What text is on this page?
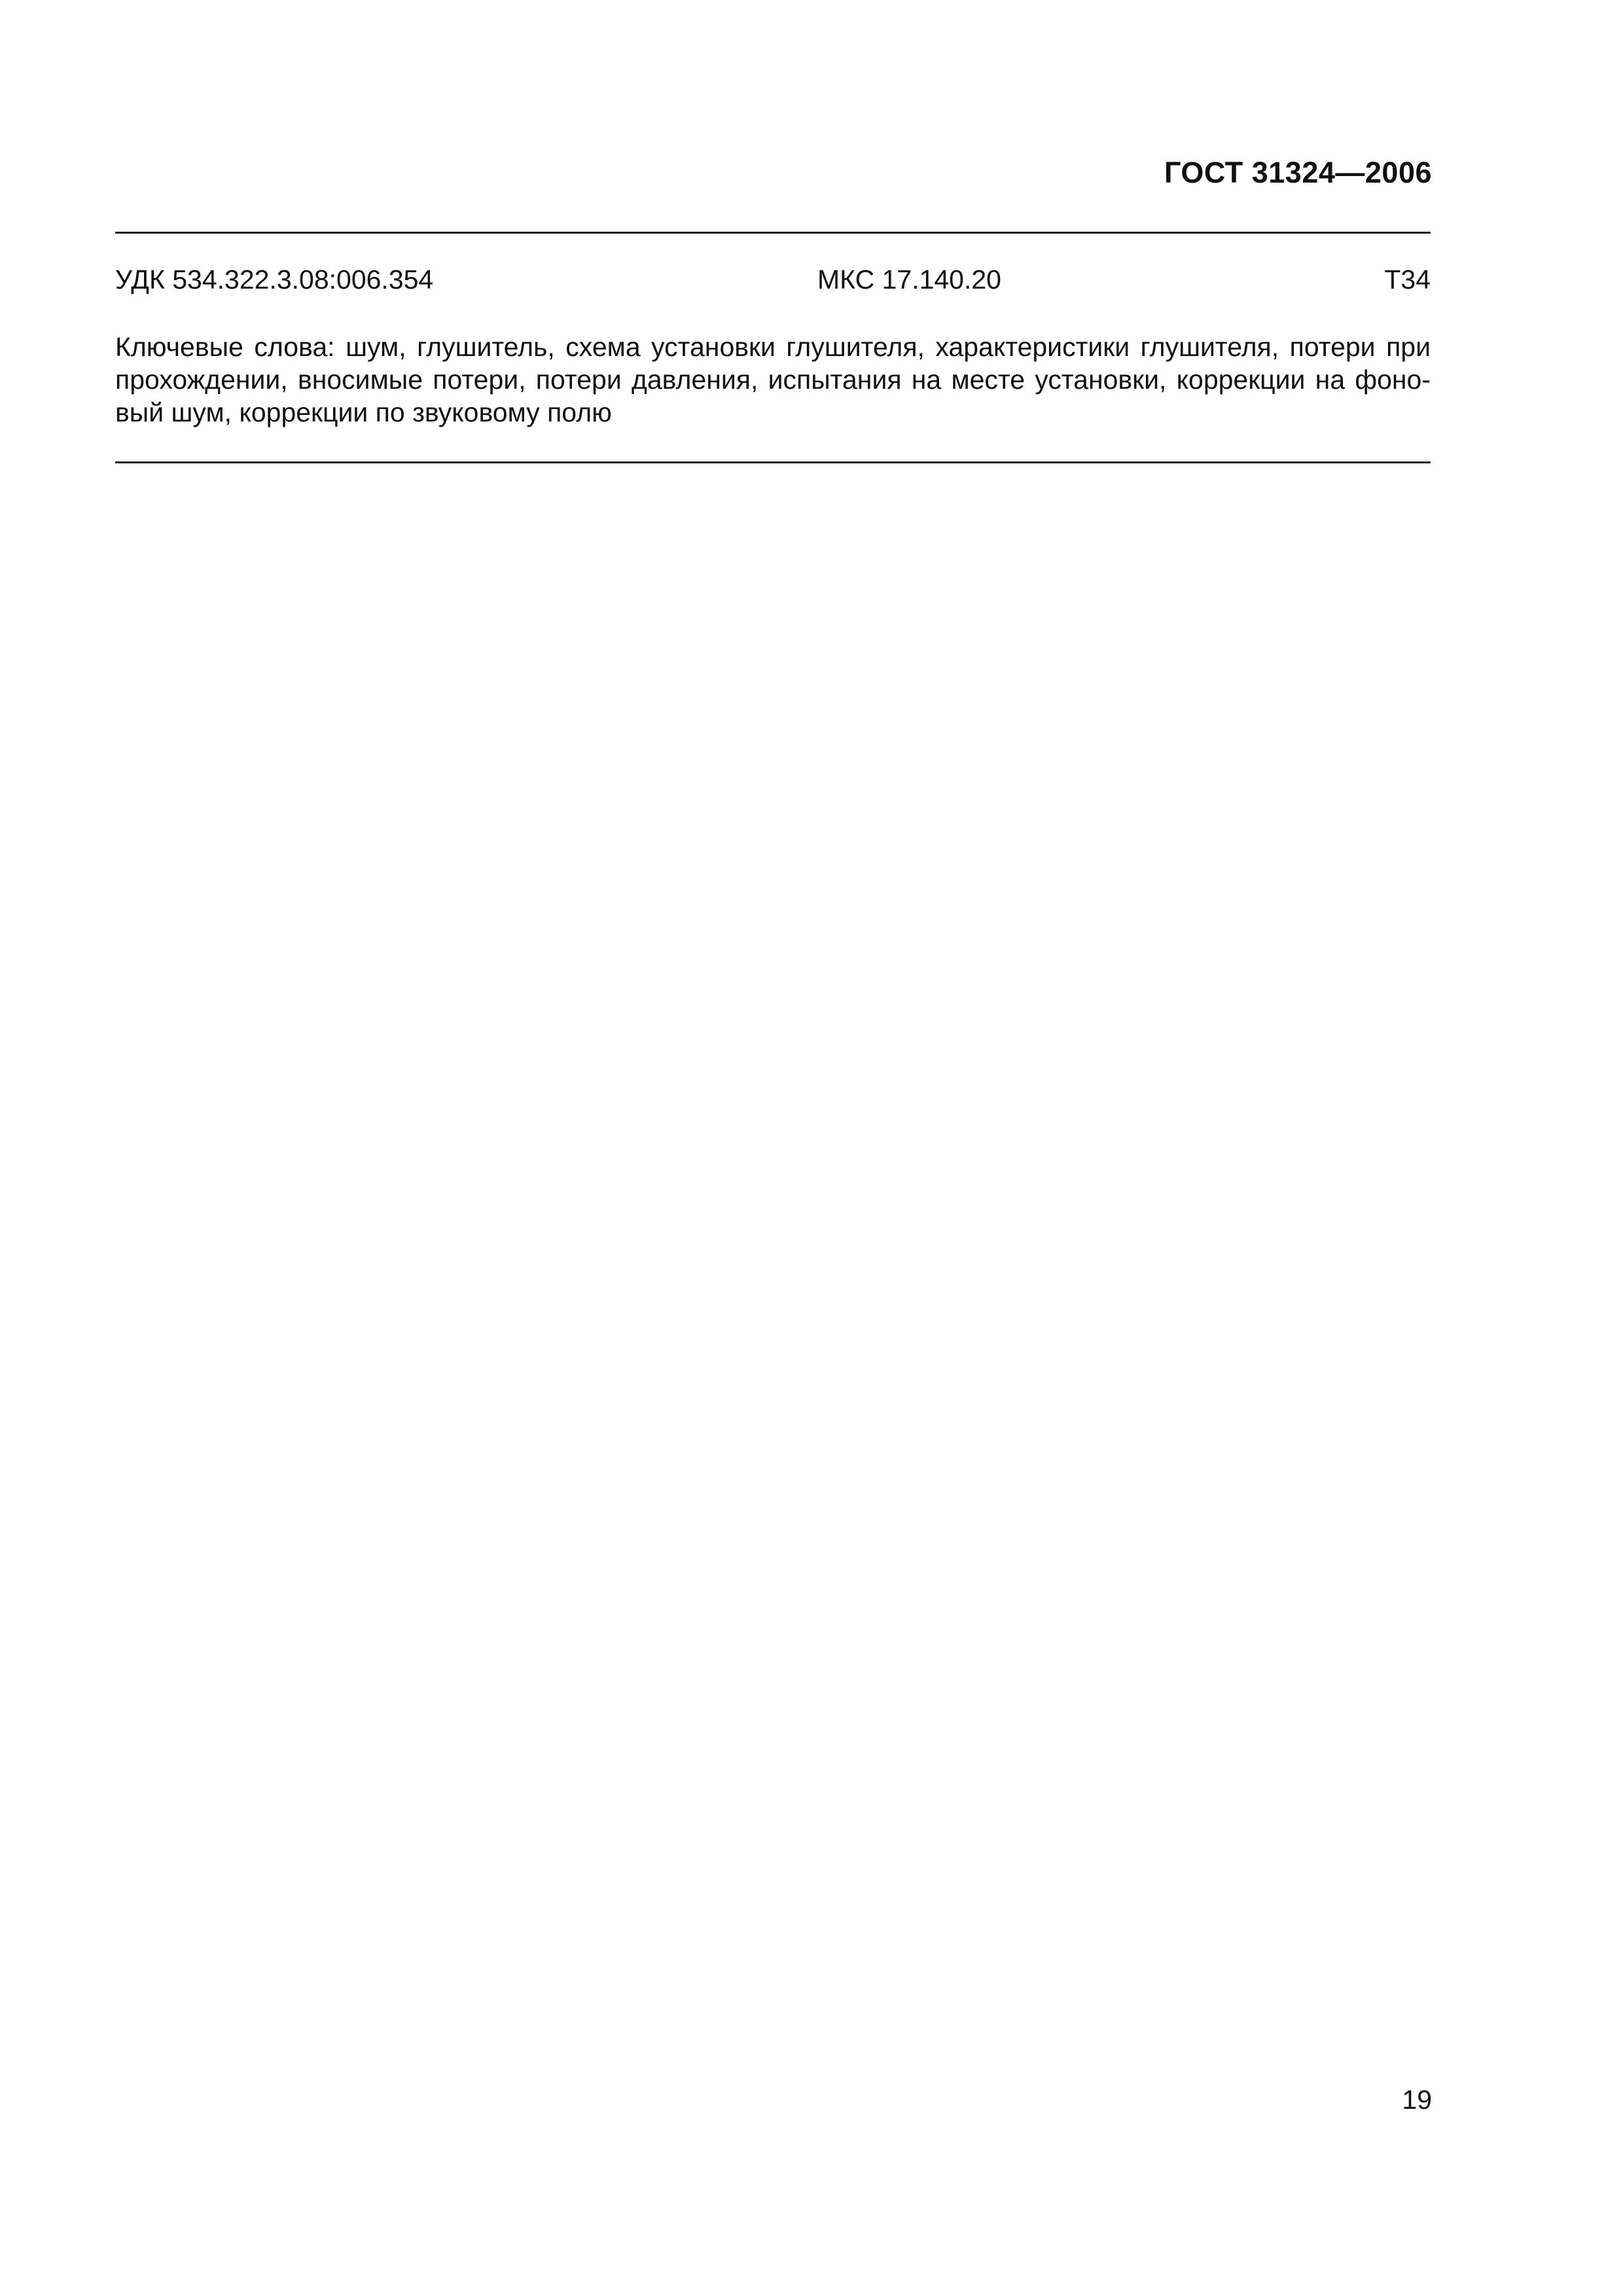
ГОСТ 31324—2006
УДК 534.322.3.08:006.354	МКС 17.140.20	Т34
Ключевые слова: шум, глушитель, схема установки глушителя, характеристики глушителя, потери при
прохождении, вносимые потери, потери давления, испытания на месте установки, коррекции на фоно-
вый шум, коррекции по звуковому полю
19
